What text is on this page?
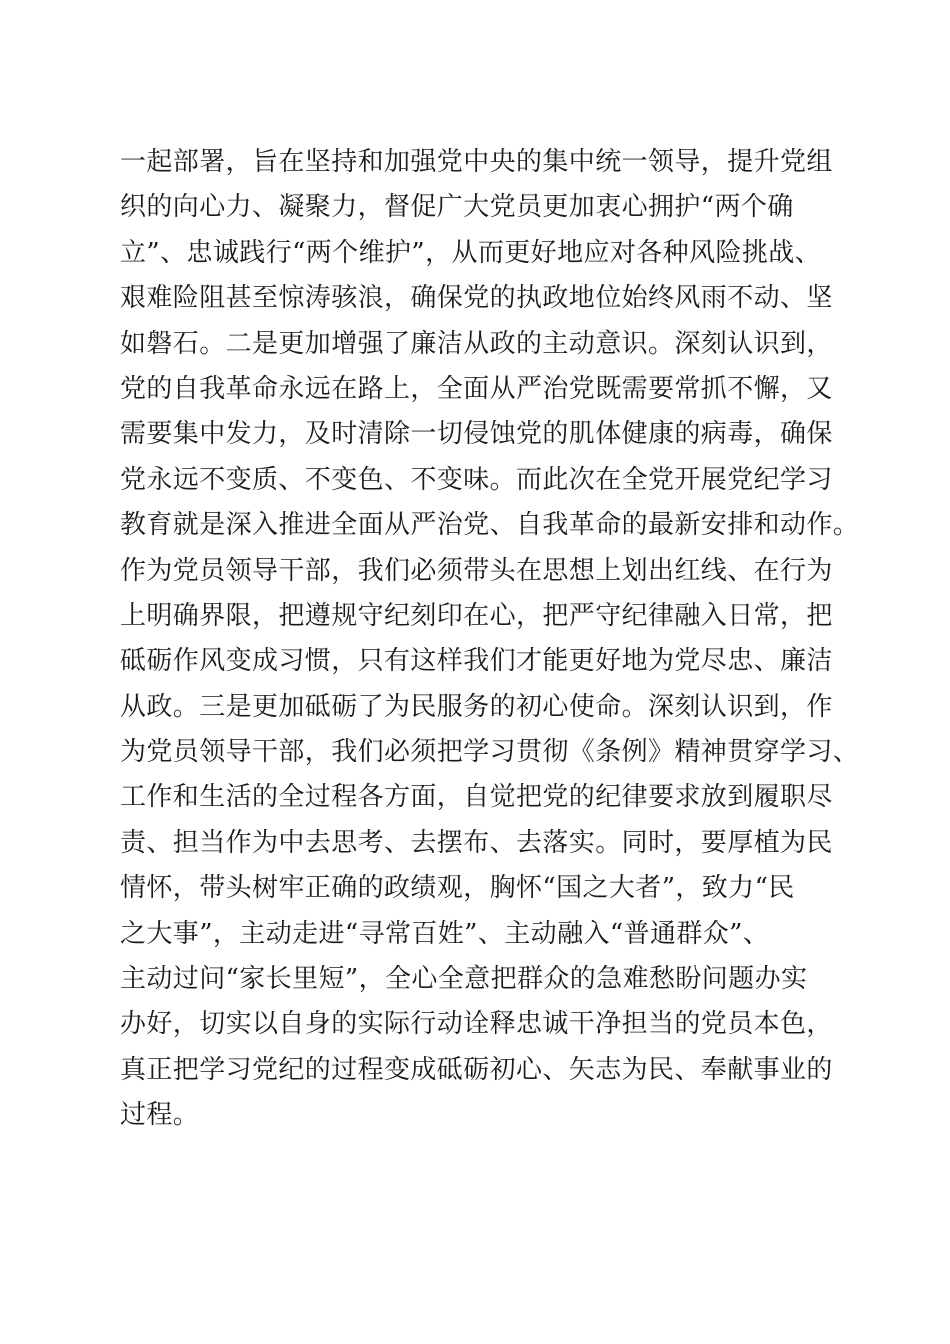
一起部署，旨在坚持和加强党中央的集中统一领导，提升党组
织的向心力、凝聚力，督促广大党员更加衷心拥护“两个确
立”、忠诚践行“两个维护”，从而更好地应对各种风险挑战、
艰难险阻甚至惊涛骇浪，确保党的执政地位始终风雨不动、坚
如磐石。二是更加增强了廉洁从政的主动意识。深刻认识到，
党的自我革命永远在路上，全面从严治党既需要常抓不懈，又
需要集中发力，及时清除一切侵蚀党的肌体健康的病毒，确保
党永远不变质、不变色、不变味。而此次在全党开展党纪学习
教育就是深入推进全面从严治党、自我革命的最新安排和动作。
作为党员领导干部，我们必须带头在思想上划出红线、在行为
上明确界限，把遵规守纪刻印在心，把严守纪律融入日常，把
砥砺作风变成习惯，只有这样我们才能更好地为党尽忠、廉洁
从政。三是更加砥砺了为民服务的初心使命。深刻认识到，作
为党员领导干部，我们必须把学习贯彻《条例》精神贯穿学习、
工作和生活的全过程各方面，自觉把党的纪律要求放到履职尽
责、担当作为中去思考、去摆布、去落实。同时，要厚植为民
情怀，带头树牢正确的政绩观，胸怀“国之大者”，致力“民
之大事”，主动走进“寻常百姓”、主动融入“普通群众”、
主动过问“家长里短”，全心全意把群众的急难愁盼问题办实
办好，切实以自身的实际行动诠释忠诚干净担当的党员本色，
真正把学习党纪的过程变成砥砺初心、矢志为民、奉献事业的
过程。
